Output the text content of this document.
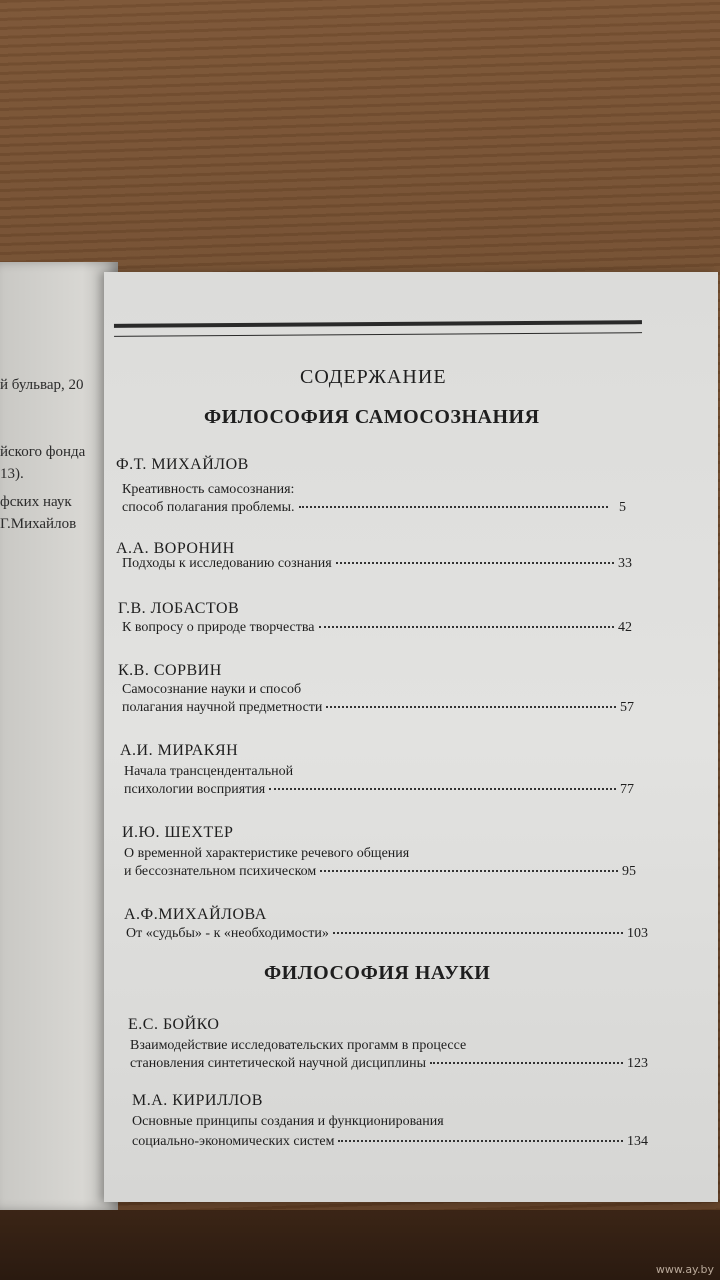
й бульвар, 20
йского фонда
13).
фских наук
Г.Михайлов
СОДЕРЖАНИЕ
ФИЛОСОФИЯ САМОСОЗНАНИЯ
Ф.Т. МИХАЙЛОВ
Креативность самосознания:
способ полагания проблемы.	5
А.А. ВОРОНИН
Подходы к исследованию сознания	33
Г.В. ЛОБАСТОВ
К вопросу о природе творчества	42
К.В. СОРВИН
Самосознание науки и способ
полагания научной предметности	57
А.И. МИРАКЯН
Начала трансцендентальной
психологии восприятия	77
И.Ю. ШЕХТЕР
О временной характеристике речевого общения
и бессознательном психическом	95
А.Ф.МИХАЙЛОВА
От «судьбы» - к «необходимости»	103
ФИЛОСОФИЯ НАУКИ
Е.С. БОЙКО
Взаимодействие исследовательских прогамм в процессе
становления синтетической научной дисциплины	123
М.А. КИРИЛЛОВ
Основные принципы создания и функционирования
социально-экономических систем	134
www.ay.by
